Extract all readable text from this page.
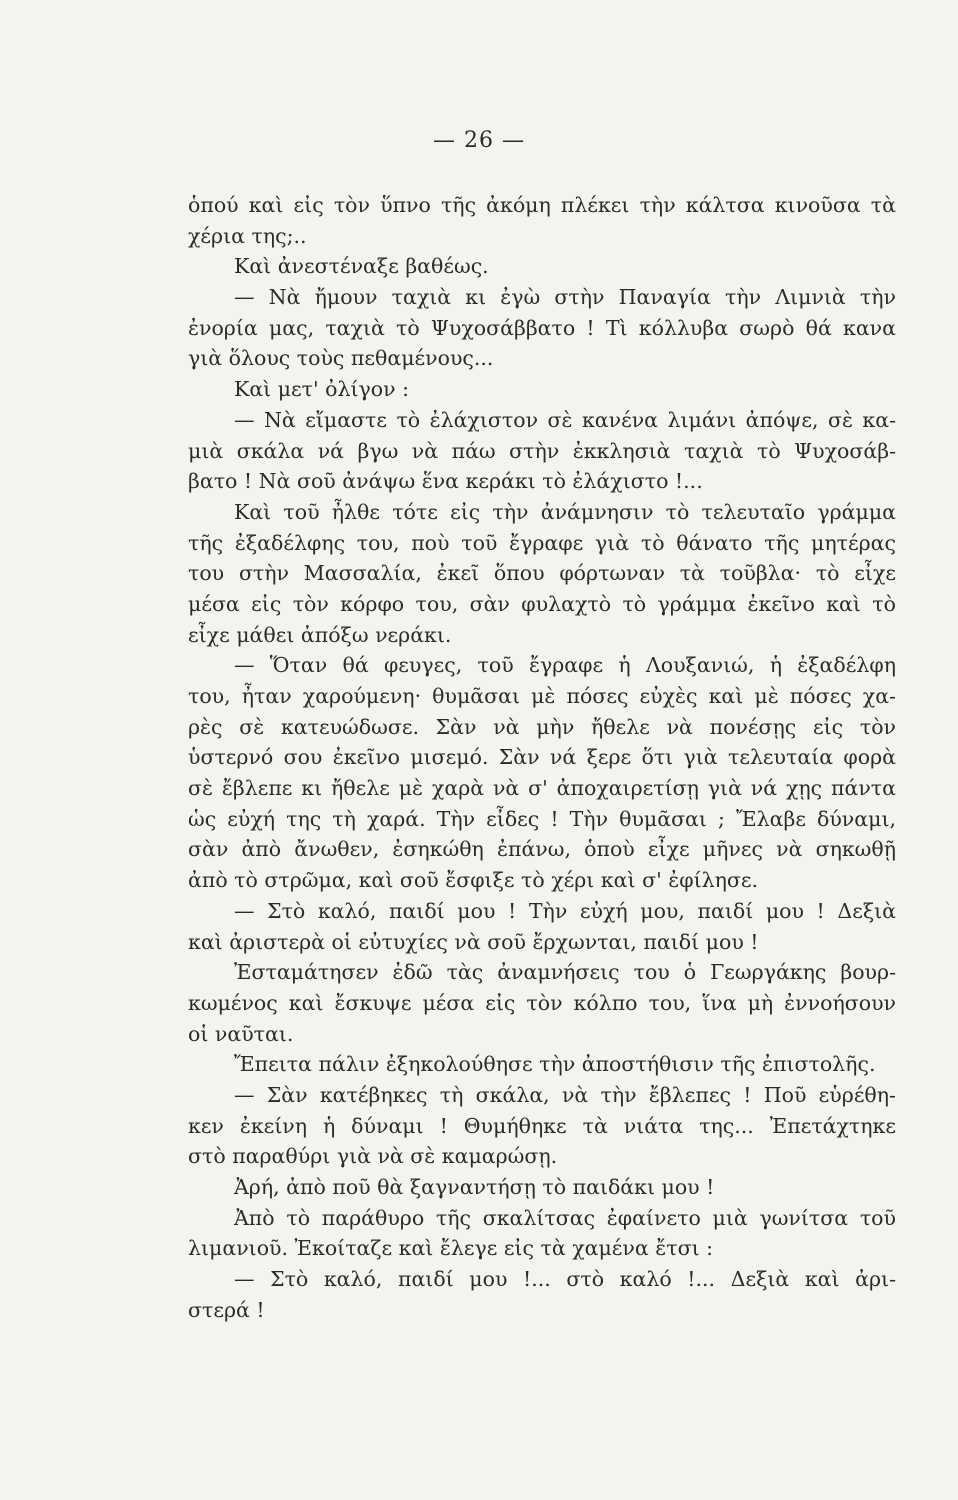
— 26 —
ὁπού καὶ εἰς τὸν ὕπνο τῆς ἀκόμη πλέκει τὴν κάλτσα κινοῦσα τὰ
χέρια της;..
Καὶ ἀνεστέναξε βαθέως.
— Νὰ ἤμουν ταχιὰ κι ἐγὼ στὴν Παναγία τὴν Λιμνιὰ τὴν
ἐνορία μας, ταχιὰ τὸ Ψυχοσάββατο ! Τὶ κόλλυβα σωρὸ θά κανα
γιὰ ὅλους τοὺς πεθαμένους...
Καὶ μετ' ὀλίγον :
— Νὰ εἴμαστε τὸ ἐλάχιστον σὲ κανένα λιμάνι ἀπόψε, σὲ κα-
μιὰ σκάλα νά βγω νὰ πάω στὴν ἐκκλησιὰ ταχιὰ τὸ Ψυχοσάβ-
βατο ! Νὰ σοῦ ἀνάψω ἕνα κεράκι τὸ ἐλάχιστο !...
Καὶ τοῦ ἦλθε τότε εἰς τὴν ἀνάμνησιν τὸ τελευταῖο γράμμα
τῆς ἐξαδέλφης του, ποὺ τοῦ ἔγραφε γιὰ τὸ θάνατο τῆς μητέρας
του στὴν Μασσαλία, ἐκεῖ ὅπου φόρτωναν τὰ τοῦβλα· τὸ εἶχε
μέσα εἰς τὸν κόρφο του, σὰν φυλαχτὸ τὸ γράμμα ἐκεῖνο καὶ τὸ
εἶχε μάθει ἀπόξω νεράκι.
— Ὅταν θά φευγες, τοῦ ἔγραφε ἡ Λουξανιώ, ἡ ἐξαδέλφη
του, ἦταν χαρούμενη· θυμᾶσαι μὲ πόσες εὐχὲς καὶ μὲ πόσες χα-
ρὲς σὲ κατευώδωσε. Σὰν νὰ μὴν ἤθελε νὰ πονέσῃς εἰς τὸν
ὑστερνό σου ἐκεῖνο μισεμό. Σὰν νά ξερε ὅτι γιὰ τελευταία φορὰ
σὲ ἔβλεπε κι ἤθελε μὲ χαρὰ νὰ σ' ἀποχαιρετίσῃ γιὰ νά χῃς πάντα
ὡς εὐχή της τὴ χαρά. Τὴν εἶδες ! Τὴν θυμᾶσαι ; Ἔλαβε δύναμι,
σὰν ἀπὸ ἄνωθεν, ἐσηκώθη ἐπάνω, ὁποὺ εἶχε μῆνες νὰ σηκωθῇ
ἀπὸ τὸ στρῶμα, καὶ σοῦ ἔσφιξε τὸ χέρι καὶ σ' ἐφίλησε.
— Στὸ καλό, παιδί μου ! Τὴν εὐχή μου, παιδί μου ! Δεξιὰ
καὶ ἀριστερὰ οἱ εὐτυχίες νὰ σοῦ ἔρχωνται, παιδί μου !
Ἐσταμάτησεν ἐδῶ τὰς ἀναμνήσεις του ὁ Γεωργάκης βουρ-
κωμένος καὶ ἔσκυψε μέσα εἰς τὸν κόλπο του, ἵνα μὴ ἐννοήσουν
οἱ ναῦται.
Ἔπειτα πάλιν ἐξηκολούθησε τὴν ἀποστήθισιν τῆς ἐπιστολῆς.
— Σὰν κατέβηκες τὴ σκάλα, νὰ τὴν ἔβλεπες ! Ποῦ εὑρέθη-
κεν ἐκείνη ἡ δύναμι ! Θυμήθηκε τὰ νιάτα της... Ἐπετάχτηκε
στὸ παραθύρι γιὰ νὰ σὲ καμαρώσῃ.
Ἀρή, ἀπὸ ποῦ θὰ ξαγναντήσῃ τὸ παιδάκι μου !
Ἀπὸ τὸ παράθυρο τῆς σκαλίτσας ἐφαίνετο μιὰ γωνίτσα τοῦ
λιμανιοῦ. Ἐκοίταζε καὶ ἔλεγε εἰς τὰ χαμένα ἔτσι :
— Στὸ καλό, παιδί μου !... στὸ καλό !... Δεξιὰ καὶ ἀρι-
στερά !
